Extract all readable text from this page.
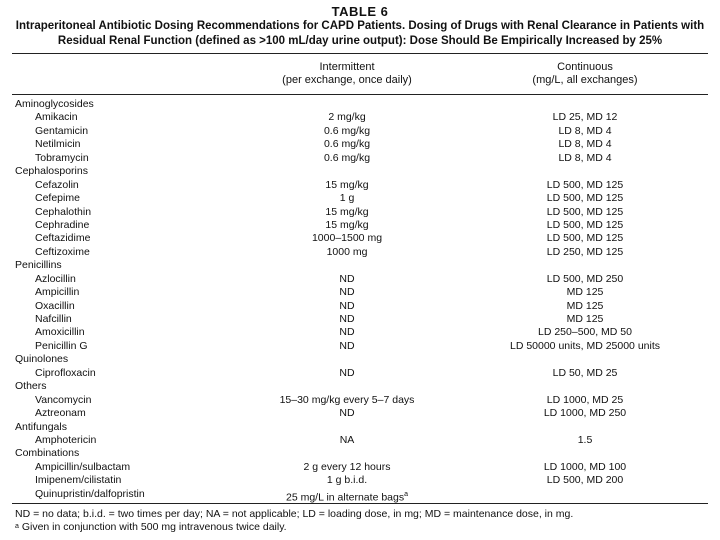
TABLE 6
Intraperitoneal Antibiotic Dosing Recommendations for CAPD Patients. Dosing of Drugs with Renal Clearance in Patients with
Residual Renal Function (defined as >100 mL/day urine output): Dose Should Be Empirically Increased by 25%
Intermittent
(per exchange, once daily)
Continuous
(mg/L, all exchanges)
Aminoglycosides
Amikacin	2 mg/kg	LD 25, MD 12
Gentamicin	0.6 mg/kg	LD 8, MD 4
Netilmicin	0.6 mg/kg	LD 8, MD 4
Tobramycin	0.6 mg/kg	LD 8, MD 4
Cephalosporins
Cefazolin	15 mg/kg	LD 500, MD 125
Cefepime	1 g	LD 500, MD 125
Cephalothin	15 mg/kg	LD 500, MD 125
Cephradine	15 mg/kg	LD 500, MD 125
Ceftazidime	1000–1500 mg	LD 500, MD 125
Ceftizoxime	1000 mg	LD 250, MD 125
Penicillins
Azlocillin	ND	LD 500, MD 250
Ampicillin	ND	MD 125
Oxacillin	ND	MD 125
Nafcillin	ND	MD 125
Amoxicillin	ND	LD 250–500, MD 50
Penicillin G	ND	LD 50000 units, MD 25000 units
Quinolones
Ciprofloxacin	ND	LD 50, MD 25
Others
Vancomycin	15–30 mg/kg every 5–7 days	LD 1000, MD 25
Aztreonam	ND	LD 1000, MD 250
Antifungals
Amphotericin	NA	1.5
Combinations
Ampicillin/sulbactam	2 g every 12 hours	LD 1000, MD 100
Imipenem/cilistatin	1 g b.i.d.	LD 500, MD 200
Quinupristin/dalfopristin	25 mg/L in alternate bags$^a$
ND = no data; b.i.d. = two times per day; NA = not applicable; LD = loading dose, in mg; MD = maintenance dose, in mg.
$^a$ Given in conjunction with 500 mg intravenous twice daily.
